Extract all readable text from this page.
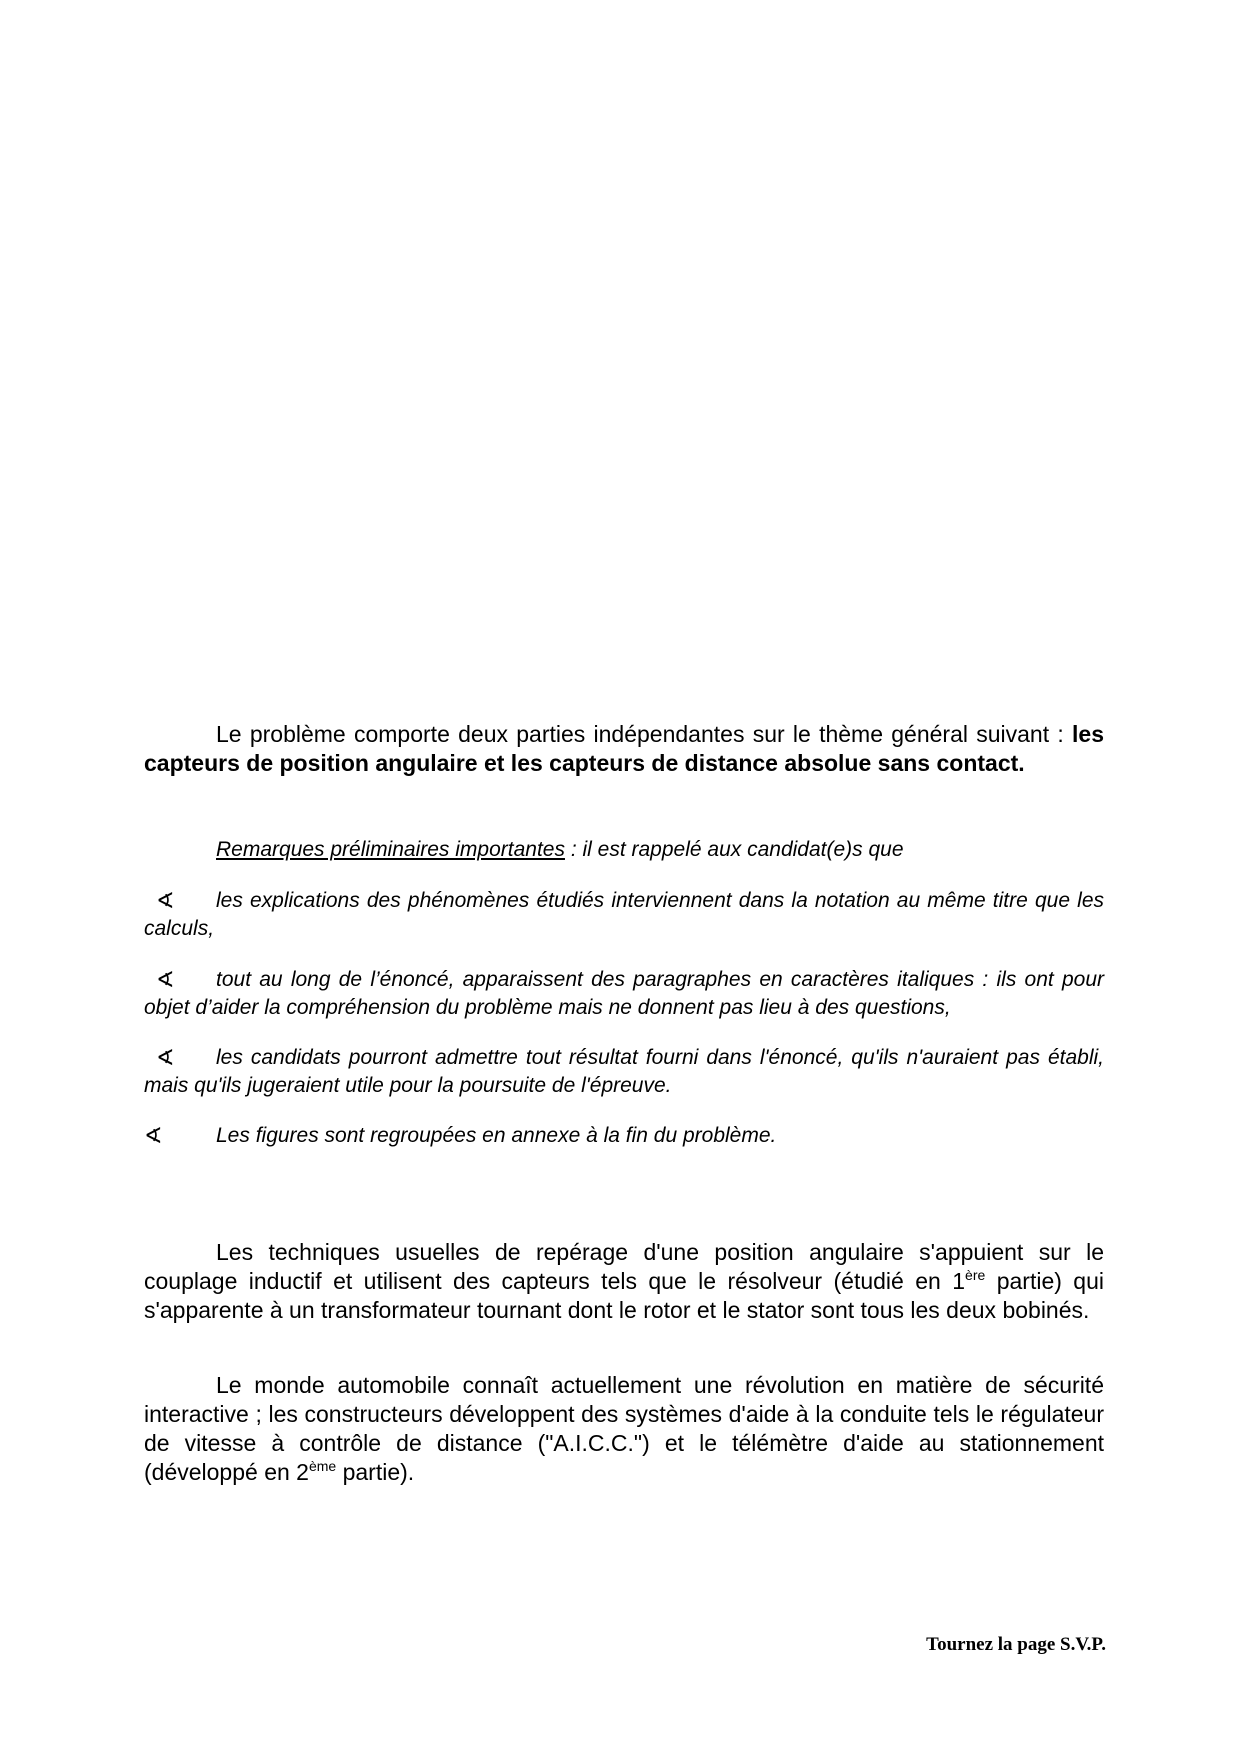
Le problème comporte deux parties indépendantes sur le thème général suivant : les capteurs de position angulaire et les capteurs de distance absolue sans contact.
Remarques préliminaires importantes : il est rappelé aux candidat(e)s que
∢	les explications des phénomènes étudiés interviennent dans la notation au même titre que les calculs,
∢	tout au long de l’énoncé, apparaissent des paragraphes en caractères italiques : ils ont pour objet d’aider la compréhension du problème mais ne donnent pas lieu à des questions,
∢	les candidats pourront admettre tout résultat fourni dans l'énoncé, qu'ils n'auraient pas établi, mais qu'ils jugeraient utile pour la poursuite de l'épreuve.
∢	Les figures sont regroupées en annexe à la fin du problème.
Les techniques usuelles de repérage d'une position angulaire s'appuient sur le couplage inductif et utilisent des capteurs tels que le résolveur (étudié en 1ère partie) qui s'apparente à un transformateur tournant dont le rotor et le stator sont tous les deux bobinés.
Le monde automobile connaît actuellement une révolution en matière de sécurité interactive ; les constructeurs développent des systèmes d'aide à la conduite tels le régulateur de vitesse à contrôle de distance ("A.I.C.C.") et le télémètre d'aide au stationnement (développé en 2ème partie).
Tournez la page S.V.P.
